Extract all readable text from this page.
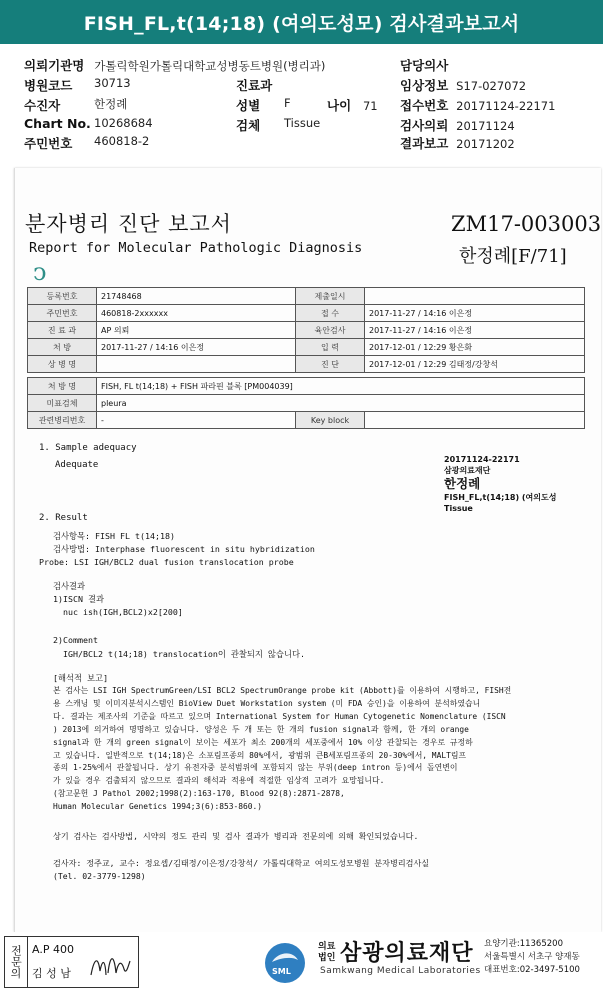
FISH_FL,t(14;18) (여의도성모) 검사결과보고서
의뢰기관명 가톨릭학원가톨릭대학교성병동트병원(병리과)	담당의사
병원코드 30713	진료과	임상정보 S17-027072
수진자	한정례	성별 F	나이 71 접수번호 20171124-22171
Chart No. 10268684	검체 Tissue	검사의뢰 20171124
주민번호 460818-2	결과보고 20171202
분자병리 진단 보고서
Report for Molecular Pathologic Diagnosis
ZM17-003003
한정례[F/71]
ↄ
등록번호	21748468	제출일시	
주민번호	460818-2xxxxxx	접 수	2017-11-27 / 14:16 이은정
진 료 과	AP 의뢰	육안검사	2017-11-27 / 14:16 이은정
처 방	2017-11-27 / 14:16 이은정	입 력	2017-12-01 / 12:29 황은화
상 병 명		진 단	2017-12-01 / 12:29 김태정/강창석
처 방 명	FISH, FL t(14;18) + FISH 파라핀 블록 [PM004039]		
미표검체	pleura		
관련병리번호	-	Key block	
1. Sample adequacy
Adequate
20171124-22171
삼광의료재단
한정례
FISH_FL,t(14;18) (여의도성
Tissue
2. Result
검사항목: FISH FL t(14;18)
검사방법: Interphase fluorescent in situ hybridization
Probe: LSI IGH/BCL2 dual fusion translocation probe
검사결과
1)ISCN 결과
nuc ish(IGH,BCL2)x2[200]
2)Comment
IGH/BCL2 t(14;18) translocation이 관찰되지 않습니다.
[해석적 보고]
본 검사는 LSI IGH SpectrumGreen/LSI BCL2 SpectrumOrange probe kit (Abbott)를 이용하여 시행하고, FISH전
용 스캐닝 및 이미지분석시스템인 BioView Duet Workstation system (미 FDA 승인)을 이용하여 분석하였습니
다. 결과는 제조사의 기준을 따르고 있으며 International System for Human Cytogenetic Nomenclature (ISCN
) 2013에 의거하여 명명하고 있습니다. 양성은 두 개 또는 한 개의 fusion signal과 함께, 한 개의 orange
signal과 한 개의 green signal이 보이는 세포가 최소 200개의 세포중에서 10% 이상 관찰되는 경우로 규정하
고 있습니다. 일반적으로 t(14;18)은 소포림프종의 80%에서, 광범위 큰B세포림프종의 20-30%에서, MALT림프
종의 1-25%에서 관찰됩니다. 상기 유전자중 분석범위에 포함되지 않는 부위(deep intron 등)에서 돌연변이
가 있을 경우 검출되지 않으므로 결과의 해석과 적용에 적절한 임상적 고려가 요망됩니다.
(참고문헌 J Pathol 2002;1998(2):163-170, Blood 92(8):2871-2878,
Human Molecular Genetics 1994;3(6):853-860.)
상기 검사는 검사방법, 시약의 정도 관리 및 검사 결과가 병리과 전문의에 의해 확인되었습니다.
검사자: 정주교, 교수: 정요셉/김태정/이은정/강창석/ 가톨릭대학교 여의도성모병원 분자병리검사실
(Tel. 02-3779-1298)
전문
의
A.P 400
김 성 남	SML
의료
법인 삼광의료재단
Samkwang Medical Laboratories
요양기관:11365200
서울특별시 서초구 양재동
대표번호:02-3497-5100
